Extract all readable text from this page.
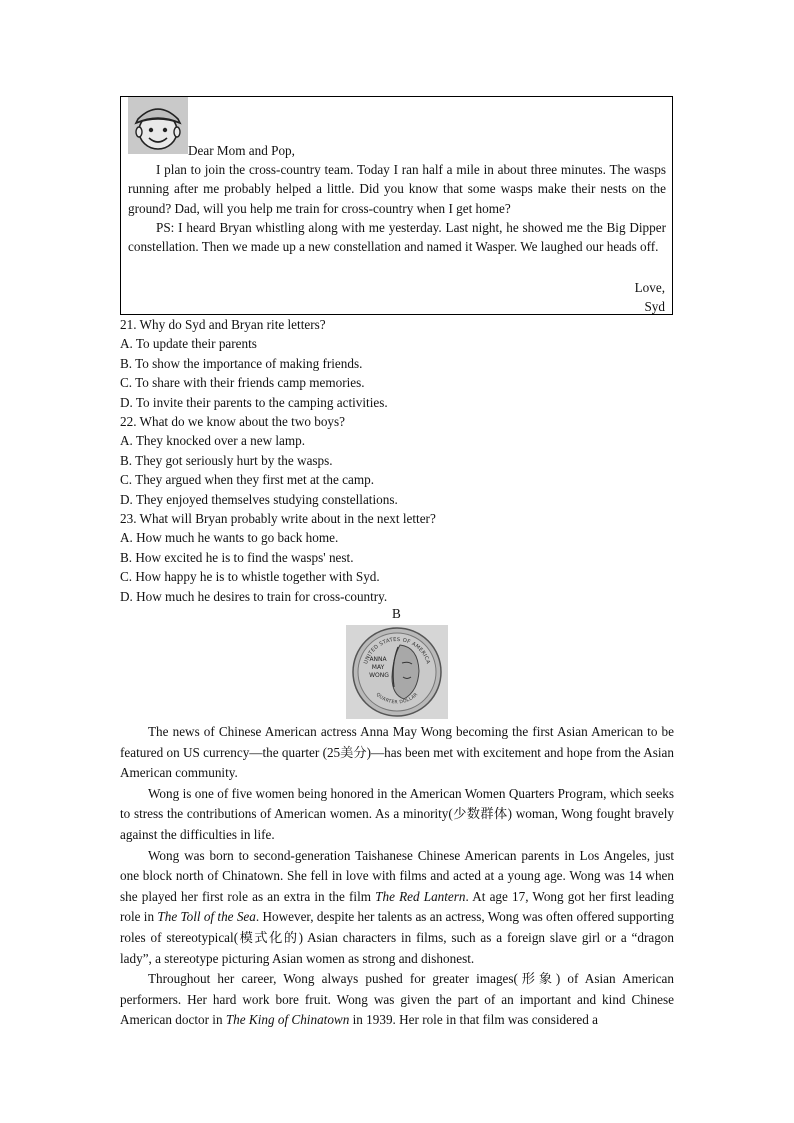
Dear Mom and Pop,

I plan to join the cross-country team. Today I ran half a mile in about three minutes. The wasps running after me probably helped a little. Did you know that some wasps make their nests on the ground? Dad, will you help me train for cross-country when I get home?

PS: I heard Bryan whistling along with me yesterday. Last night, he showed me the Big Dipper constellation. Then we made up a new constellation and named it Wasper. We laughed our heads off.

Love,
Syd
21. Why do Syd and Bryan rite letters?
A. To update their parents
B. To show the importance of making friends.
C. To share with their friends camp memories.
D. To invite their parents to the camping activities.
22. What do we know about the two boys?
A. They knocked over a new lamp.
B. They got seriously hurt by the wasps.
C. They argued when they first met at the camp.
D. They enjoyed themselves studying constellations.
23. What will Bryan probably write about in the next letter?
A. How much he wants to go back home.
B. How excited he is to find the wasps' nest.
C. How happy he is to whistle together with Syd.
D. How much he desires to train for cross-country.
B
UNITED STATES OF AMERICA
ANNA MAY WONG
QUARTER DOLLAR

The news of Chinese American actress Anna May Wong becoming the first Asian American to be featured on US currency—the quarter (25美分)—has been met with excitement and hope from the Asian American community.

Wong is one of five women being honored in the American Women Quarters Program, which seeks to stress the contributions of American women. As a minority(少数群体) woman, Wong fought bravely against the difficulties in life.

Wong was born to second-generation Taishanese Chinese American parents in Los Angeles, just one block north of Chinatown. She fell in love with films and acted at a young age. Wong was 14 when she played her first role as an extra in the film The Red Lantern. At age 17, Wong got her first leading role in The Toll of the Sea. However, despite her talents as an actress, Wong was often offered supporting roles of stereotypical(模式化的) Asian characters in films, such as a foreign slave girl or a “dragon lady”, a stereotype picturing Asian women as strong and dishonest.

Throughout her career, Wong always pushed for greater images(形象) of Asian American performers. Her hard work bore fruit. Wong was given the part of an important and kind Chinese American doctor in The King of Chinatown in 1939. Her role in that film was considered a
